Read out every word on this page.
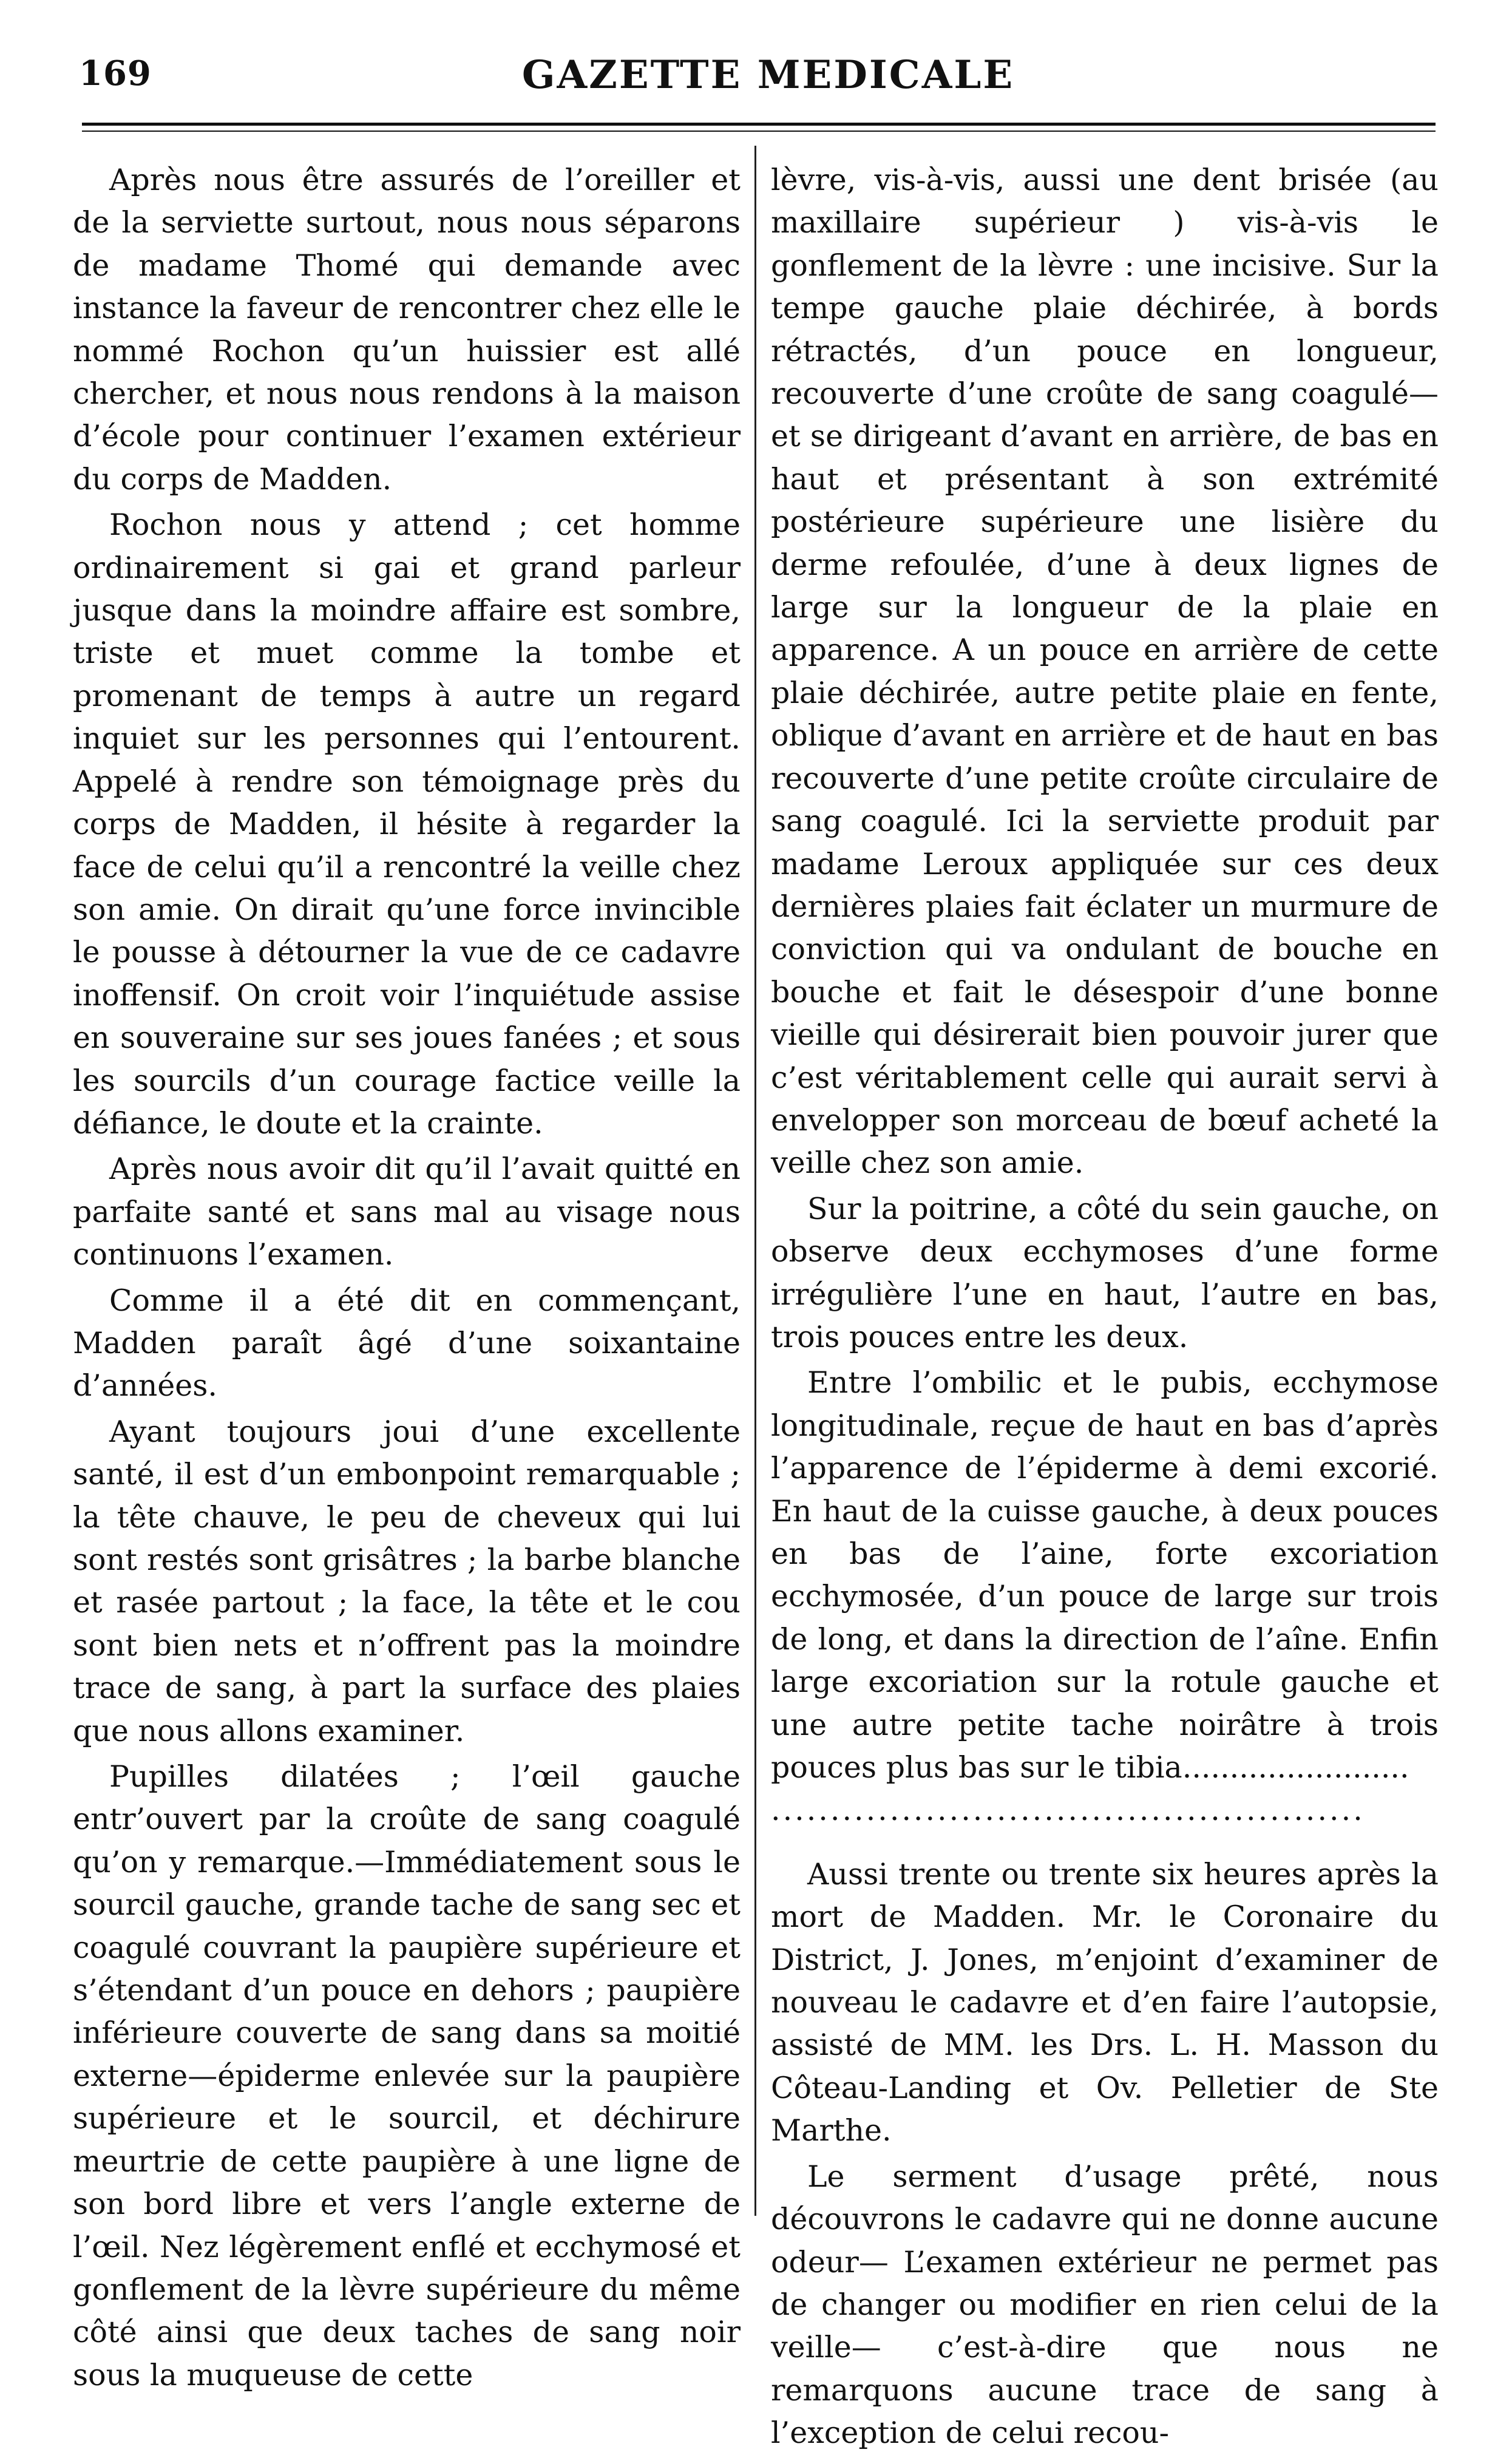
169	GAZETTE MEDICALE

Après nous être assurés de l’oreiller et de la serviette surtout, nous nous séparons de madame Thomé qui demande avec instance la faveur de rencontrer chez elle le nommé Rochon qu’un huissier est allé chercher, et nous nous rendons à la maison d’école pour continuer l’examen extérieur du corps de Madden.

Rochon nous y attend ; cet homme ordinairement si gai et grand parleur jusque dans la moindre affaire est sombre, triste et muet comme la tombe et promenant de temps à autre un regard inquiet sur les personnes qui l’entourent. Appelé à rendre son témoignage près du corps de Madden, il hésite à regarder la face de celui qu’il a rencontré la veille chez son amie. On dirait qu’une force invincible le pousse à détourner la vue de ce cadavre inoffensif. On croit voir l’inquiétude assise en souveraine sur ses joues fanées ; et sous les sourcils d’un courage factice veille la défiance, le doute et la crainte.

Après nous avoir dit qu’il l’avait quitté en parfaite santé et sans mal au visage nous continuons l’examen.

Comme il a été dit en commençant, Madden paraît âgé d’une soixantaine d’années.

Ayant toujours joui d’une excellente santé, il est d’un embonpoint remarquable ; la tête chauve, le peu de cheveux qui lui sont restés sont grisâtres ; la barbe blanche et rasée partout ; la face, la tête et le cou sont bien nets et n’offrent pas la moindre trace de sang, à part la surface des plaies que nous allons examiner.

Pupilles dilatées ; l’œil gauche entr’ouvert par la croûte de sang coagulé qu’on y remarque.—Immédiatement sous le sourcil gauche, grande tache de sang sec et coagulé couvrant la paupière supérieure et s’étendant d’un pouce en dehors ; paupière inférieure couverte de sang dans sa moitié externe—épiderme enlevée sur la paupière supérieure et le sourcil, et déchirure meurtrie de cette paupière à une ligne de son bord libre et vers l’angle externe de l’œil. Nez légèrement enflé et ecchymosé et gonflement de la lèvre supérieure du même côté ainsi que deux taches de sang noir sous la muqueuse de cette

lèvre, vis-à-vis, aussi une dent brisée (au maxillaire supérieur ) vis-à-vis le gonflement de la lèvre : une incisive. Sur la tempe gauche plaie déchirée, à bords rétractés, d’un pouce en longueur, recouverte d’une croûte de sang coagulé—et se dirigeant d’avant en arrière, de bas en haut et présentant à son extrémité postérieure supérieure une lisière du derme refoulée, d’une à deux lignes de large sur la longueur de la plaie en apparence. A un pouce en arrière de cette plaie déchirée, autre petite plaie en fente, oblique d’avant en arrière et de haut en bas recouverte d’une petite croûte circulaire de sang coagulé. Ici la serviette produit par madame Leroux appliquée sur ces deux dernières plaies fait éclater un murmure de conviction qui va ondulant de bouche en bouche et fait le désespoir d’une bonne vieille qui désirerait bien pouvoir jurer que c’est véritablement celle qui aurait servi à envelopper son morceau de bœuf acheté la veille chez son amie.

Sur la poitrine, a côté du sein gauche, on observe deux ecchymoses d’une forme irrégulière l’une en haut, l’autre en bas, trois pouces entre les deux.

Entre l’ombilic et le pubis, ecchymose longitudinale, reçue de haut en bas d’après l’apparence de l’épiderme à demi excorié. En haut de la cuisse gauche, à deux pouces en bas de l’aine, forte excoriation ecchymosée, d’un pouce de large sur trois de long, et dans la direction de l’aîne. Enfin large excoriation sur la rotule gauche et une autre petite tache noirâtre à trois pouces plus bas sur le tibia........................

..................................................

Aussi trente ou trente six heures après la mort de Madden. Mr. le Coronaire du District, J. Jones, m’enjoint d’examiner de nouveau le cadavre et d’en faire l’autopsie, assisté de MM. les Drs. L. H. Masson du Côteau-Landing et Ov. Pelletier de Ste Marthe.

Le serment d’usage prêté, nous découvrons le cadavre qui ne donne aucune odeur— L’examen extérieur ne permet pas de changer ou modifier en rien celui de la veille— c’est-à-dire que nous ne remarquons aucune trace de sang à l’exception de celui recou-
